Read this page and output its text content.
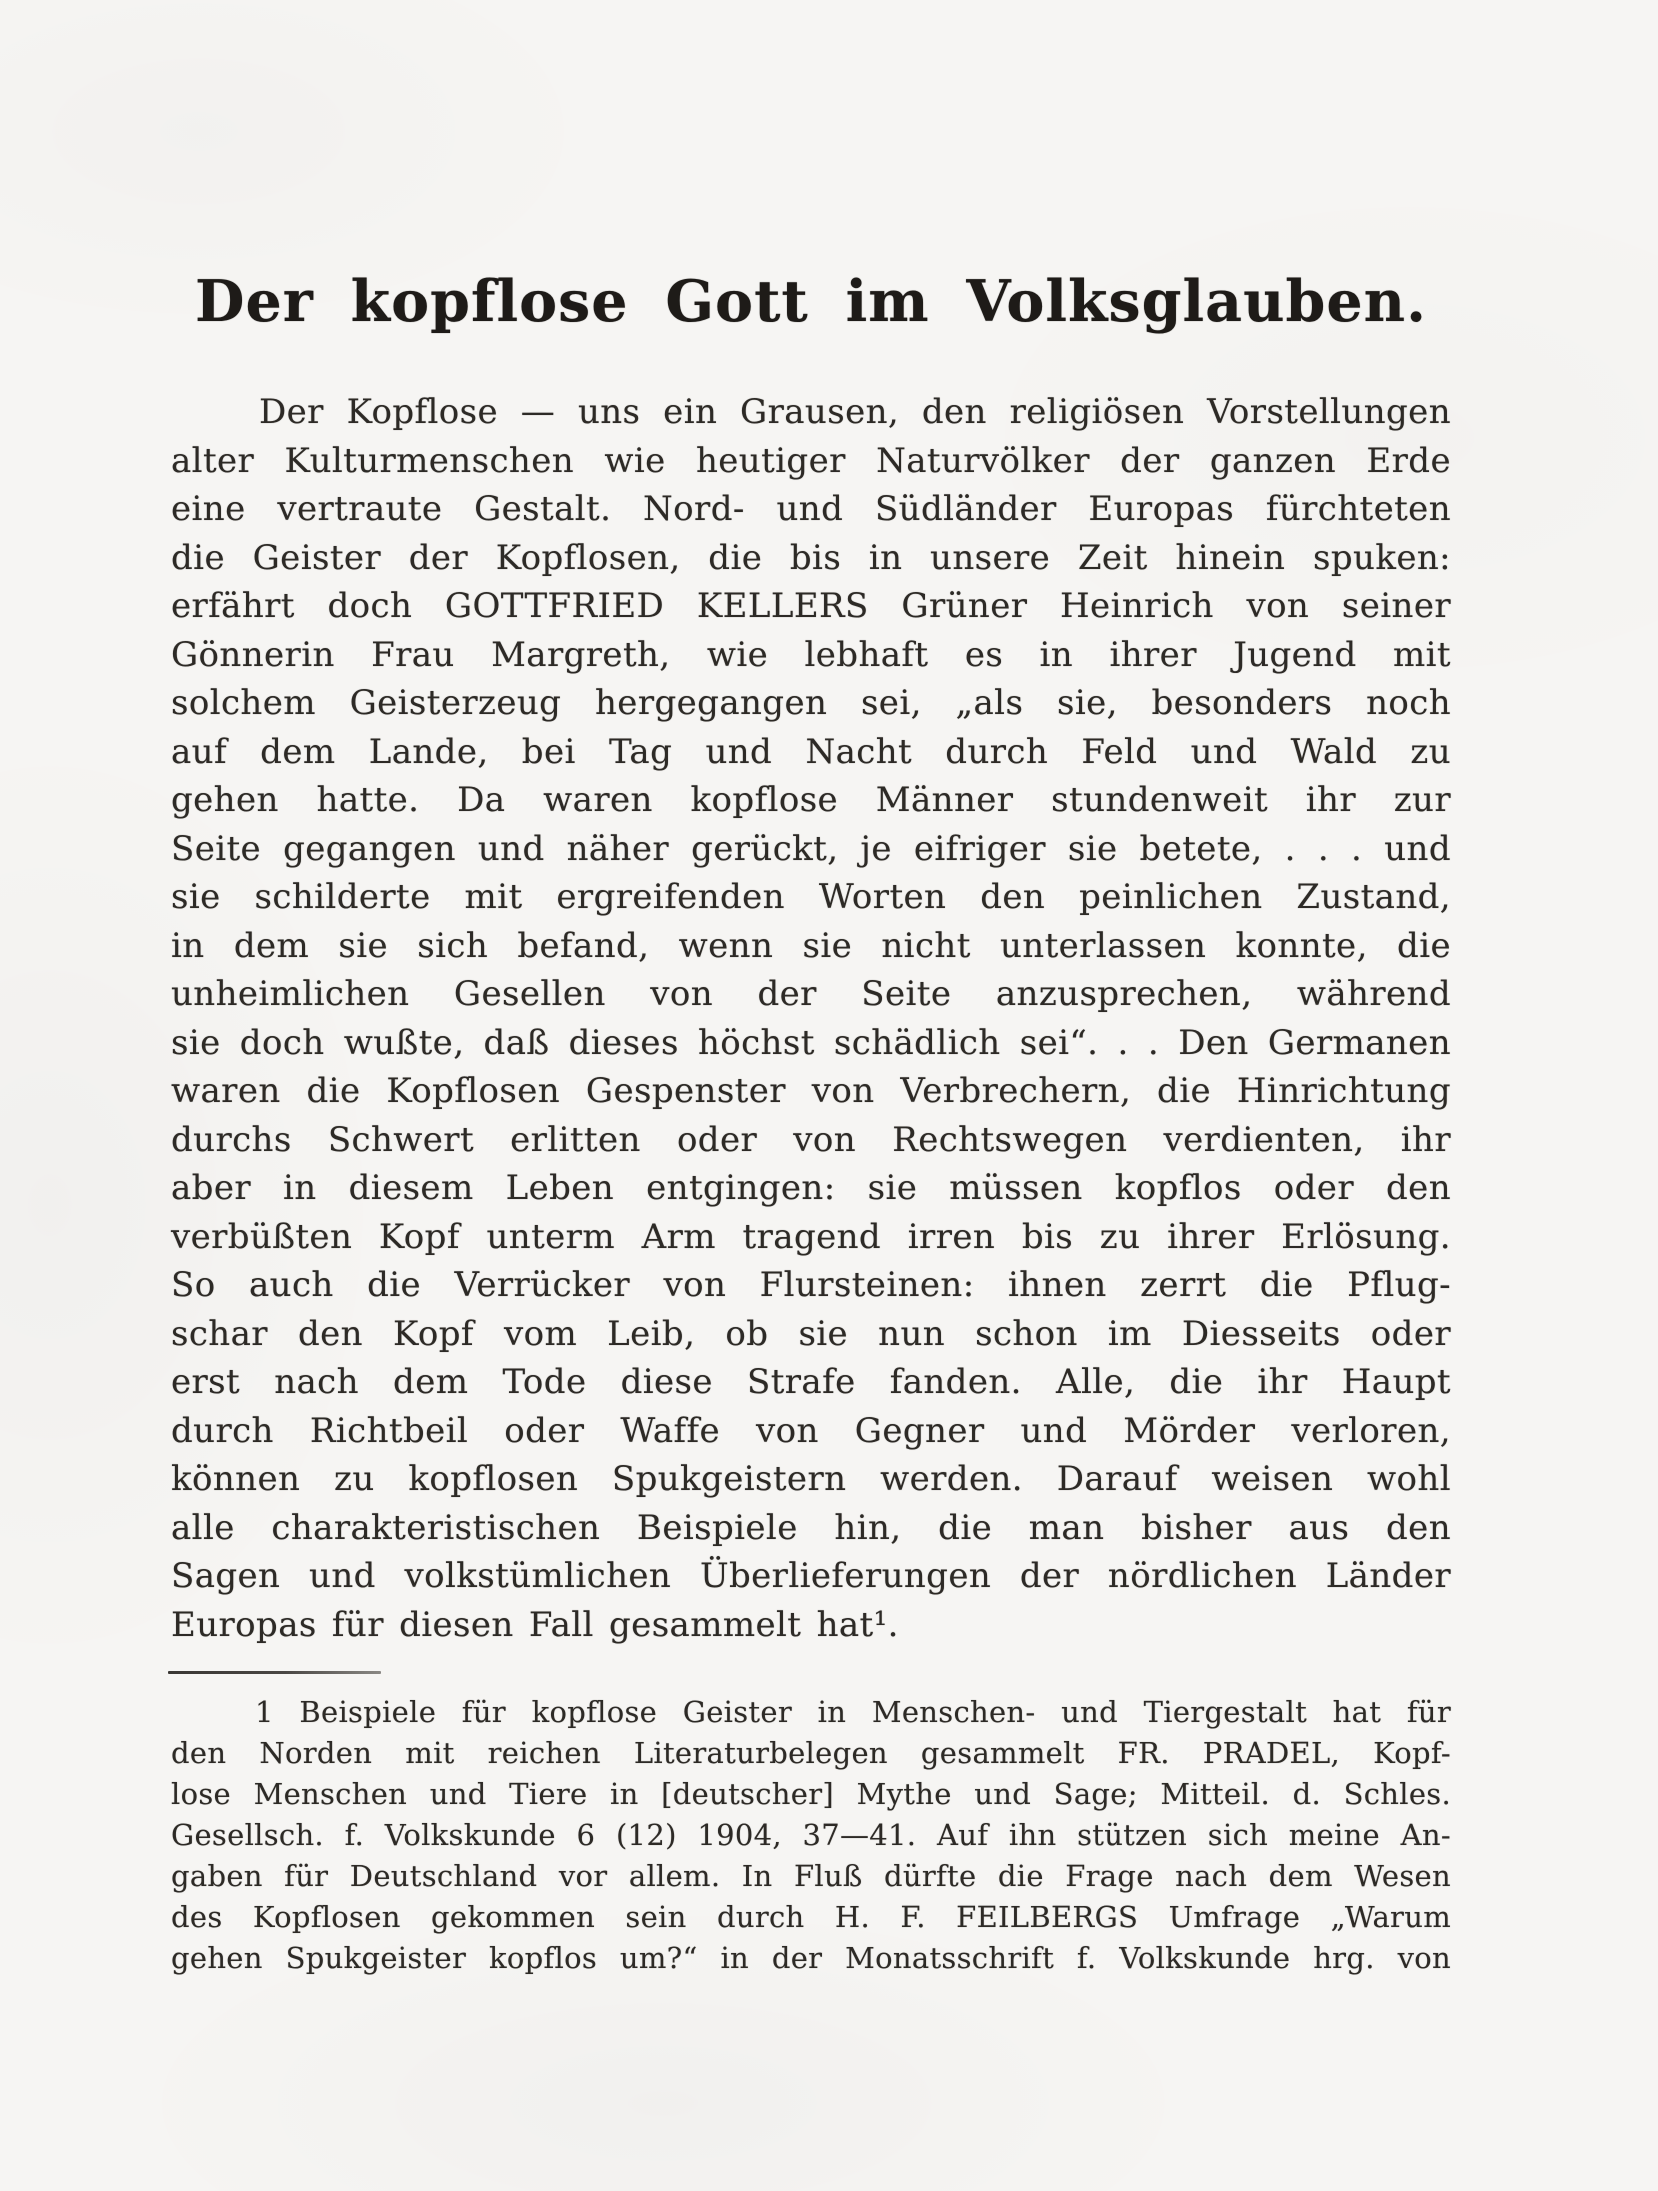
Der kopflose Gott im Volksglauben.
Der Kopflose — uns ein Grausen, den religiösen Vorstellungen
alter Kulturmenschen wie heutiger Naturvölker der ganzen Erde
eine vertraute Gestalt. Nord- und Südländer Europas fürchteten
die Geister der Kopflosen, die bis in unsere Zeit hinein spuken:
erfährt doch GOTTFRIED KELLERS Grüner Heinrich von seiner
Gönnerin Frau Margreth, wie lebhaft es in ihrer Jugend mit
solchem Geisterzeug hergegangen sei, „als sie, besonders noch
auf dem Lande, bei Tag und Nacht durch Feld und Wald zu
gehen hatte. Da waren kopflose Männer stundenweit ihr zur
Seite gegangen und näher gerückt, je eifriger sie betete, . . . und
sie schilderte mit ergreifenden Worten den peinlichen Zustand,
in dem sie sich befand, wenn sie nicht unterlassen konnte, die
unheimlichen Gesellen von der Seite anzusprechen, während
sie doch wußte, daß dieses höchst schädlich sei“. . . Den Germanen
waren die Kopflosen Gespenster von Verbrechern, die Hinrichtung
durchs Schwert erlitten oder von Rechtswegen verdienten, ihr
aber in diesem Leben entgingen: sie müssen kopflos oder den
verbüßten Kopf unterm Arm tragend irren bis zu ihrer Erlösung.
So auch die Verrücker von Flursteinen: ihnen zerrt die Pflug-
schar den Kopf vom Leib, ob sie nun schon im Diesseits oder
erst nach dem Tode diese Strafe fanden. Alle, die ihr Haupt
durch Richtbeil oder Waffe von Gegner und Mörder verloren,
können zu kopflosen Spukgeistern werden. Darauf weisen wohl
alle charakteristischen Beispiele hin, die man bisher aus den
Sagen und volkstümlichen Überlieferungen der nördlichen Länder
Europas für diesen Fall gesammelt hat¹.
1 Beispiele für kopflose Geister in Menschen- und Tiergestalt hat für
den Norden mit reichen Literaturbelegen gesammelt FR. PRADEL, Kopf-
lose Menschen und Tiere in [deutscher] Mythe und Sage; Mitteil. d. Schles.
Gesellsch. f. Volkskunde 6 (12) 1904, 37—41. Auf ihn stützen sich meine An-
gaben für Deutschland vor allem. In Fluß dürfte die Frage nach dem Wesen
des Kopflosen gekommen sein durch H. F. FEILBERGS Umfrage „Warum
gehen Spukgeister kopflos um?“ in der Monatsschrift f. Volkskunde hrg. von
